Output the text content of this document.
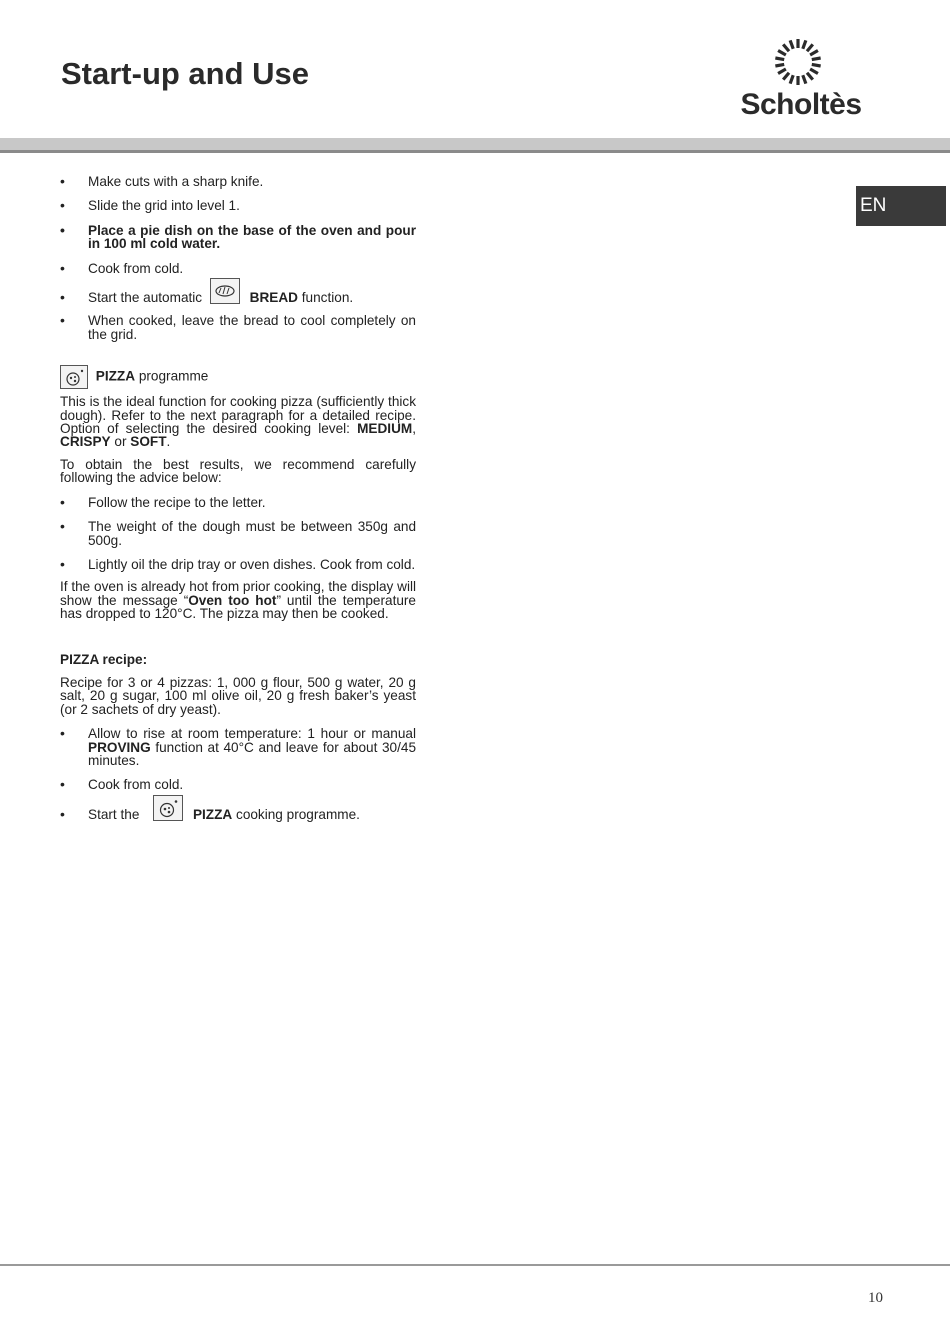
Start-up and Use
Scholtès
EN
• Make cuts with a sharp knife.
• Slide the grid into level 1.
• Place a pie dish on the base of the oven and pour in 100 ml cold water.
• Cook from cold.
• Start the automatic	BREAD function.
• When cooked, leave the bread to cool completely on the grid.
PIZZA programme

This is the ideal function for cooking pizza (sufficiently thick dough). Refer to the next paragraph for a detailed recipe. Option of selecting the desired cooking level: MEDIUM, CRISPY or SOFT.

To obtain the best results, we recommend carefully following the advice below:

• Follow the recipe to the letter.
• The weight of the dough must be between 350g and 500g.
• Lightly oil the drip tray or oven dishes. Cook from cold.

If the oven is already hot from prior cooking, the display will show the message “Oven too hot” until the temperature has dropped to 120°C. The pizza may then be cooked.

PIZZA recipe:

Recipe for 3 or 4 pizzas: 1, 000 g flour, 500 g water, 20 g salt, 20 g sugar, 100 ml olive oil, 20 g fresh baker’s yeast (or 2 sachets of dry yeast).

• Allow to rise at room temperature: 1 hour or manual PROVING function at 40°C and leave for about 30/45 minutes.
• Cook from cold.
• Start the	PIZZA cooking programme.
10
